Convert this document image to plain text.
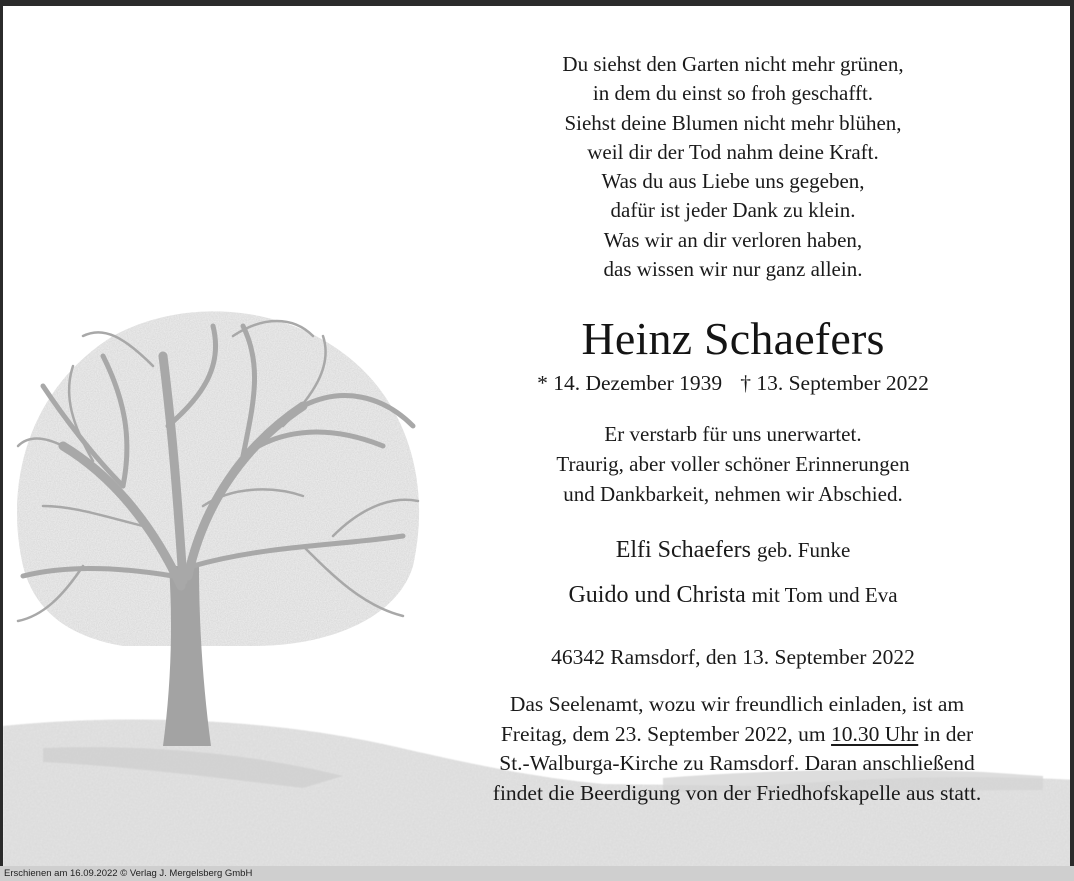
Du siehst den Garten nicht mehr grünen,
in dem du einst so froh geschafft.
Siehst deine Blumen nicht mehr blühen,
weil dir der Tod nahm deine Kraft.
Was du aus Liebe uns gegeben,
dafür ist jeder Dank zu klein.
Was wir an dir verloren haben,
das wissen wir nur ganz allein.
Heinz Schaefers
* 14. Dezember 1939 † 13. September 2022
Er verstarb für uns unerwartet.
Traurig, aber voller schöner Erinnerungen
und Dankbarkeit, nehmen wir Abschied.
Elfi Schaefers geb. Funke
Guido und Christa mit Tom und Eva
46342 Ramsdorf, den 13. September 2022
Das Seelenamt, wozu wir freundlich einladen, ist am
Freitag, dem 23. September 2022, um 10.30 Uhr in der
St.-Walburga-Kirche zu Ramsdorf. Daran anschließend
findet die Beerdigung von der Friedhofskapelle aus statt.
Erschienen am 16.09.2022 © Verlag J. Mergelsberg GmbH
